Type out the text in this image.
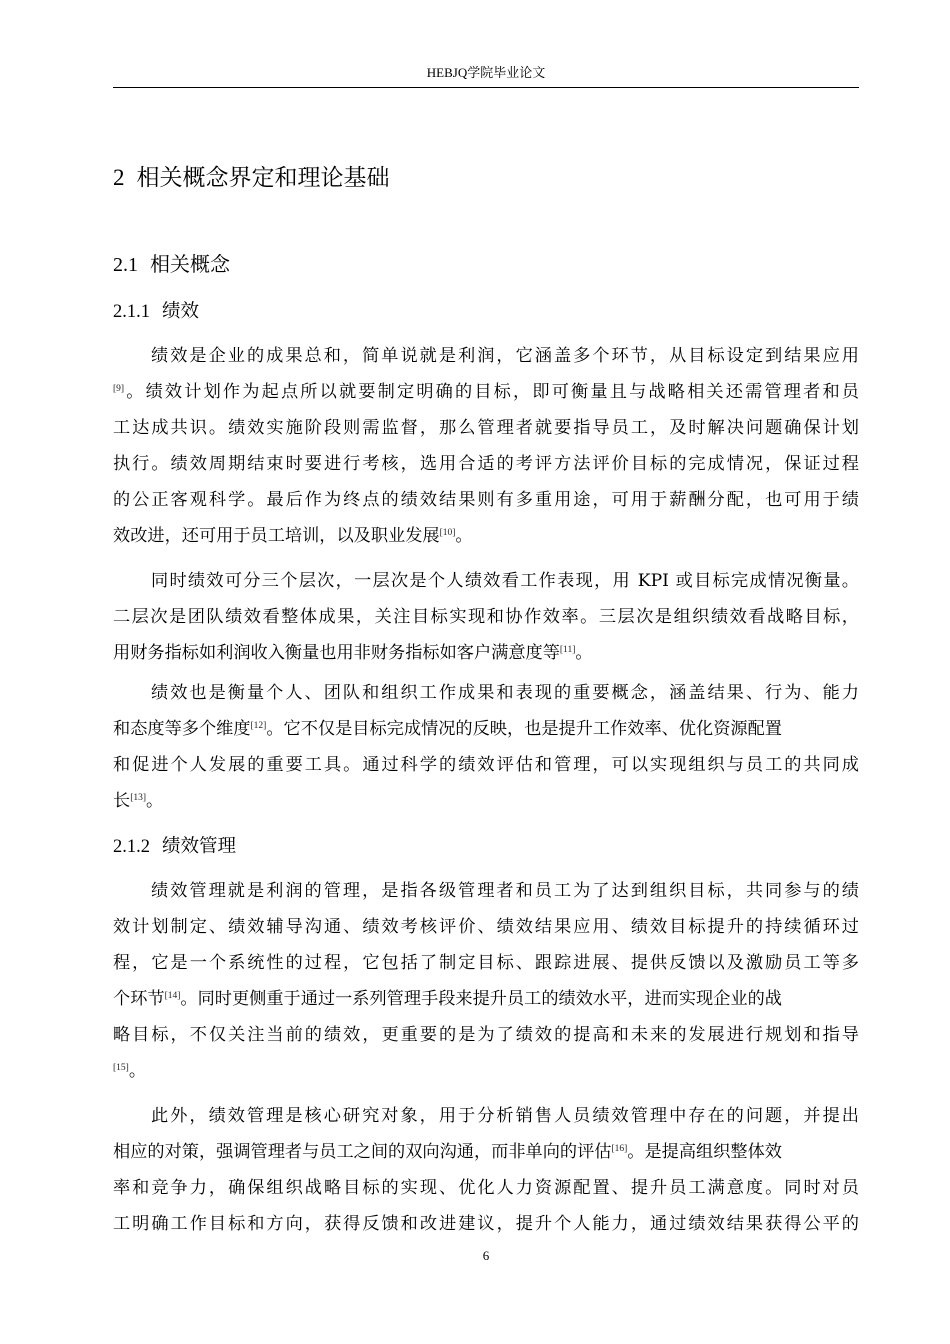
HEBJQ学院毕业论文
2 相关概念界定和理论基础
2.1 相关概念
2.1.1 绩效
绩效是企业的成果总和，简单说就是利润，它涵盖多个环节，从目标设定到结果应用
[9]。绩效计划作为起点所以就要制定明确的目标，即可衡量且与战略相关还需管理者和员
工达成共识。绩效实施阶段则需监督，那么管理者就要指导员工，及时解决问题确保计划
执行。绩效周期结束时要进行考核，选用合适的考评方法评价目标的完成情况，保证过程
的公正客观科学。最后作为终点的绩效结果则有多重用途，可用于薪酬分配，也可用于绩
效改进，还可用于员工培训，以及职业发展[10]。
同时绩效可分三个层次，一层次是个人绩效看工作表现，用 KPI 或目标完成情况衡量。
二层次是团队绩效看整体成果，关注目标实现和协作效率。三层次是组织绩效看战略目标，
用财务指标如利润收入衡量也用非财务指标如客户满意度等[11]。
绩效也是衡量个人、团队和组织工作成果和表现的重要概念，涵盖结果、行为、能力
和态度等多个维度[12]。它不仅是目标完成情况的反映，也是提升工作效率、优化资源配置
和促进个人发展的重要工具。通过科学的绩效评估和管理，可以实现组织与员工的共同成
长[13]。
2.1.2 绩效管理
绩效管理就是利润的管理，是指各级管理者和员工为了达到组织目标，共同参与的绩
效计划制定、绩效辅导沟通、绩效考核评价、绩效结果应用、绩效目标提升的持续循环过
程，它是一个系统性的过程，它包括了制定目标、跟踪进展、提供反馈以及激励员工等多
个环节[14]。同时更侧重于通过一系列管理手段来提升员工的绩效水平，进而实现企业的战
略目标，不仅关注当前的绩效，更重要的是为了绩效的提高和未来的发展进行规划和指导
[15]。
此外，绩效管理是核心研究对象，用于分析销售人员绩效管理中存在的问题，并提出
相应的对策，强调管理者与员工之间的双向沟通，而非单向的评估[16]。是提高组织整体效
率和竞争力，确保组织战略目标的实现、优化人力资源配置、提升员工满意度。同时对员
工明确工作目标和方向，获得反馈和改进建议，提升个人能力，通过绩效结果获得公平的
6
